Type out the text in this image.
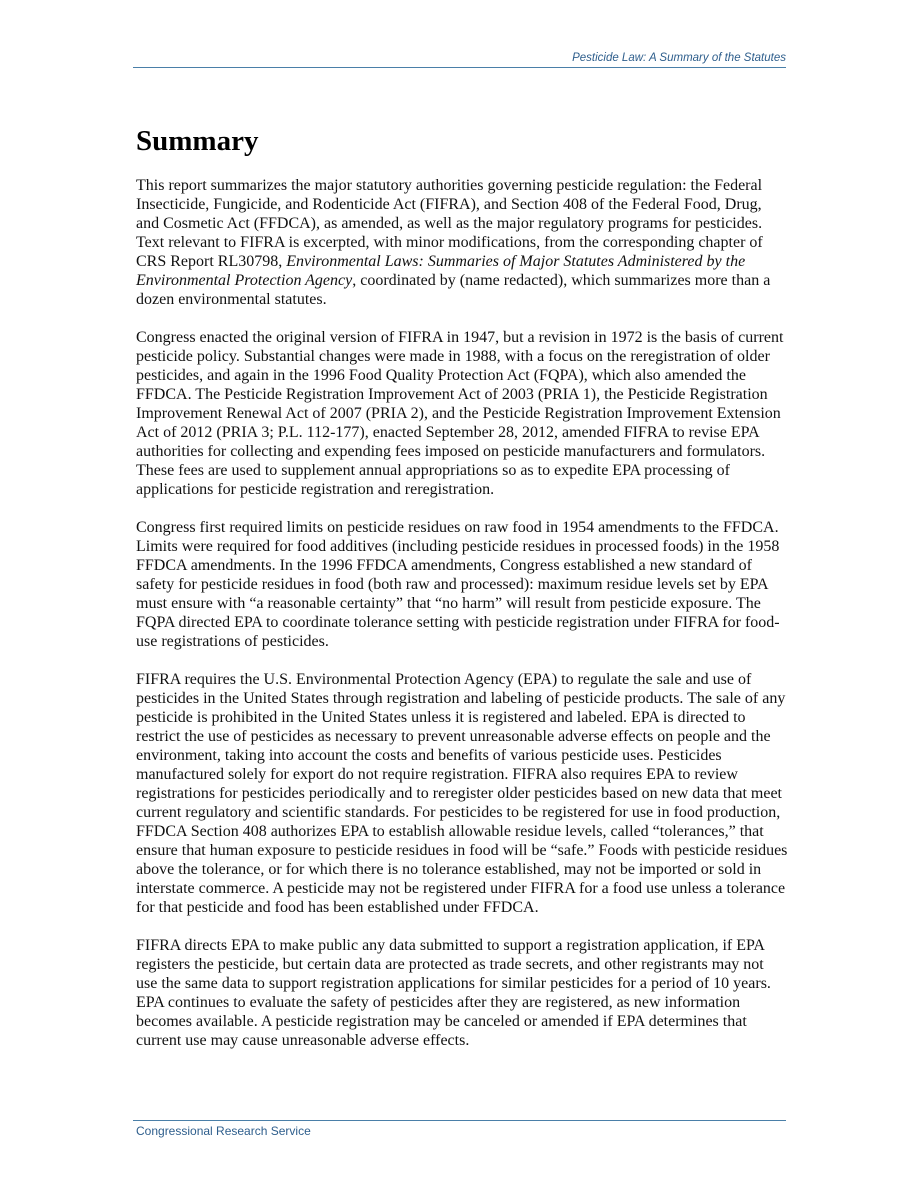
Pesticide Law: A Summary of the Statutes
Summary

This report summarizes the major statutory authorities governing pesticide regulation: the Federal Insecticide, Fungicide, and Rodenticide Act (FIFRA), and Section 408 of the Federal Food, Drug, and Cosmetic Act (FFDCA), as amended, as well as the major regulatory programs for pesticides. Text relevant to FIFRA is excerpted, with minor modifications, from the corresponding chapter of CRS Report RL30798, Environmental Laws: Summaries of Major Statutes Administered by the Environmental Protection Agency, coordinated by (name redacted), which summarizes more than a dozen environmental statutes.

Congress enacted the original version of FIFRA in 1947, but a revision in 1972 is the basis of current pesticide policy. Substantial changes were made in 1988, with a focus on the reregistration of older pesticides, and again in the 1996 Food Quality Protection Act (FQPA), which also amended the FFDCA. The Pesticide Registration Improvement Act of 2003 (PRIA 1), the Pesticide Registration Improvement Renewal Act of 2007 (PRIA 2), and the Pesticide Registration Improvement Extension Act of 2012 (PRIA 3; P.L. 112-177), enacted September 28, 2012, amended FIFRA to revise EPA authorities for collecting and expending fees imposed on pesticide manufacturers and formulators. These fees are used to supplement annual appropriations so as to expedite EPA processing of applications for pesticide registration and reregistration.

Congress first required limits on pesticide residues on raw food in 1954 amendments to the FFDCA. Limits were required for food additives (including pesticide residues in processed foods) in the 1958 FFDCA amendments. In the 1996 FFDCA amendments, Congress established a new standard of safety for pesticide residues in food (both raw and processed): maximum residue levels set by EPA must ensure with “a reasonable certainty” that “no harm” will result from pesticide exposure. The FQPA directed EPA to coordinate tolerance setting with pesticide registration under FIFRA for food-use registrations of pesticides.

FIFRA requires the U.S. Environmental Protection Agency (EPA) to regulate the sale and use of pesticides in the United States through registration and labeling of pesticide products. The sale of any pesticide is prohibited in the United States unless it is registered and labeled. EPA is directed to restrict the use of pesticides as necessary to prevent unreasonable adverse effects on people and the environment, taking into account the costs and benefits of various pesticide uses. Pesticides manufactured solely for export do not require registration. FIFRA also requires EPA to review registrations for pesticides periodically and to reregister older pesticides based on new data that meet current regulatory and scientific standards. For pesticides to be registered for use in food production, FFDCA Section 408 authorizes EPA to establish allowable residue levels, called “tolerances,” that ensure that human exposure to pesticide residues in food will be “safe.” Foods with pesticide residues above the tolerance, or for which there is no tolerance established, may not be imported or sold in interstate commerce. A pesticide may not be registered under FIFRA for a food use unless a tolerance for that pesticide and food has been established under FFDCA.

FIFRA directs EPA to make public any data submitted to support a registration application, if EPA registers the pesticide, but certain data are protected as trade secrets, and other registrants may not use the same data to support registration applications for similar pesticides for a period of 10 years. EPA continues to evaluate the safety of pesticides after they are registered, as new information becomes available. A pesticide registration may be canceled or amended if EPA determines that current use may cause unreasonable adverse effects.

Congressional Research Service
